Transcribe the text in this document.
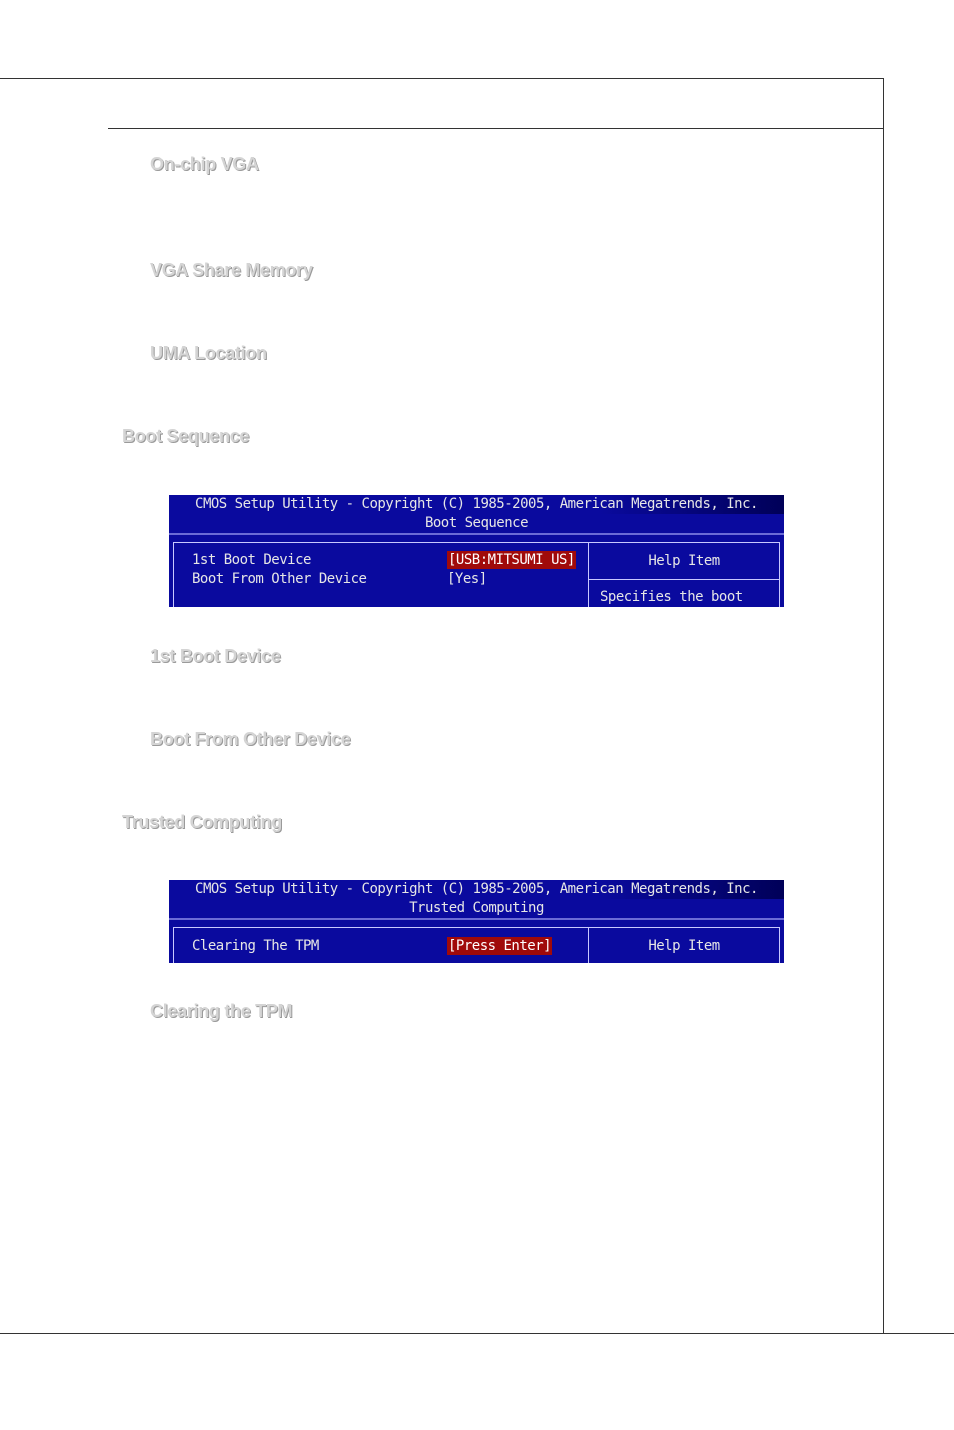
On-chip VGA
VGA Share Memory
UMA Location
Boot Sequence
CMOS Setup Utility - Copyright (C) 1985-2005, American Megatrends, Inc.
Boot Sequence
1st Boot Device	[USB:MITSUMI US]
Boot From Other Device	[Yes]
Help Item
Specifies the boot
1st Boot Device
Boot From Other Device
Trusted Computing
CMOS Setup Utility - Copyright (C) 1985-2005, American Megatrends, Inc.
Trusted Computing
Clearing The TPM	[Press Enter]	Help Item
Clearing the TPM
